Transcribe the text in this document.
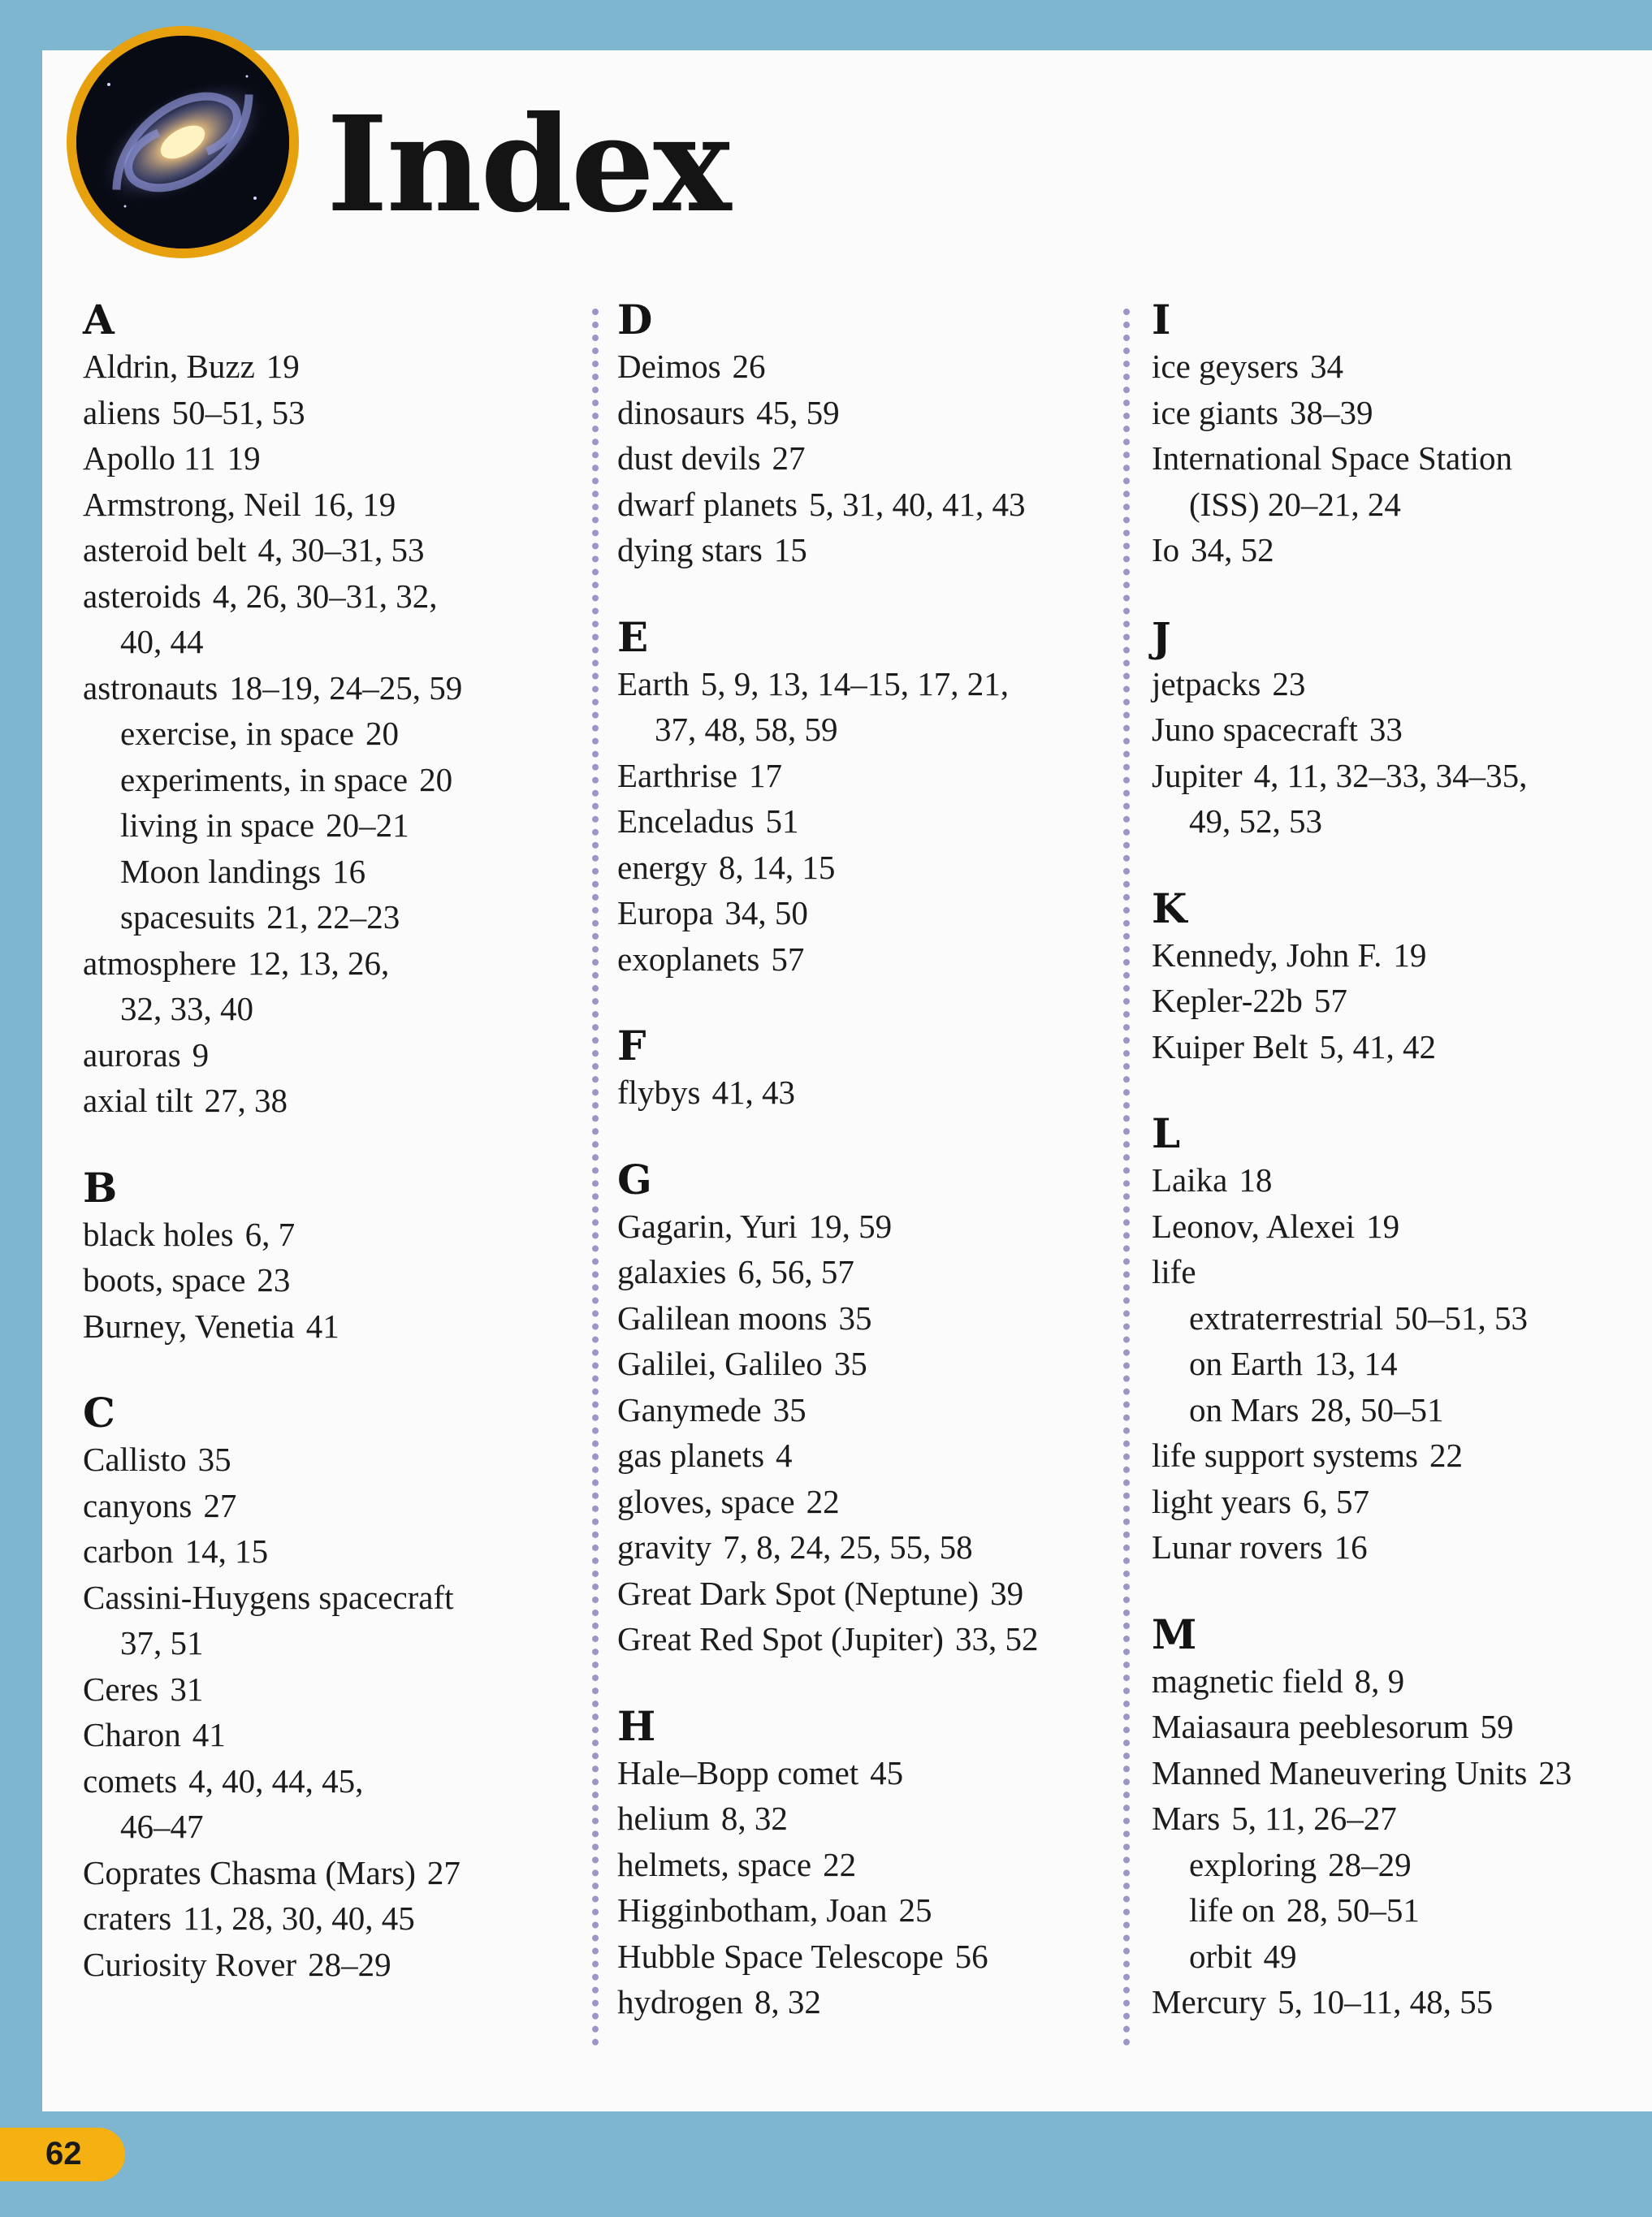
Index
A
Aldrin, Buzz 19
aliens 50–51, 53
Apollo 11 19
Armstrong, Neil 16, 19
asteroid belt 4, 30–31, 53
asteroids 4, 26, 30–31, 32,
40, 44
astronauts 18–19, 24–25, 59
exercise, in space 20
experiments, in space 20
living in space 20–21
Moon landings 16
spacesuits 21, 22–23
atmosphere 12, 13, 26,
32, 33, 40
auroras 9
axial tilt 27, 38
B
black holes 6, 7
boots, space 23
Burney, Venetia 41
C
Callisto 35
canyons 27
carbon 14, 15
Cassini-Huygens spacecraft
37, 51
Ceres 31
Charon 41
comets 4, 40, 44, 45,
46–47
Coprates Chasma (Mars) 27
craters 11, 28, 30, 40, 45
Curiosity Rover 28–29
D
Deimos 26
dinosaurs 45, 59
dust devils 27
dwarf planets 5, 31, 40, 41, 43
dying stars 15
E
Earth 5, 9, 13, 14–15, 17, 21,
37, 48, 58, 59
Earthrise 17
Enceladus 51
energy 8, 14, 15
Europa 34, 50
exoplanets 57
F
flybys 41, 43
G
Gagarin, Yuri 19, 59
galaxies 6, 56, 57
Galilean moons 35
Galilei, Galileo 35
Ganymede 35
gas planets 4
gloves, space 22
gravity 7, 8, 24, 25, 55, 58
Great Dark Spot (Neptune) 39
Great Red Spot (Jupiter) 33, 52
H
Hale–Bopp comet 45
helium 8, 32
helmets, space 22
Higginbotham, Joan 25
Hubble Space Telescope 56
hydrogen 8, 32
I
ice geysers 34
ice giants 38–39
International Space Station
(ISS) 20–21, 24
Io 34, 52
J
jetpacks 23
Juno spacecraft 33
Jupiter 4, 11, 32–33, 34–35,
49, 52, 53
K
Kennedy, John F. 19
Kepler-22b 57
Kuiper Belt 5, 41, 42
L
Laika 18
Leonov, Alexei 19
life
extraterrestrial 50–51, 53
on Earth 13, 14
on Mars 28, 50–51
life support systems 22
light years 6, 57
Lunar rovers 16
M
magnetic field 8, 9
Maiasaura peeblesorum 59
Manned Maneuvering Units 23
Mars 5, 11, 26–27
exploring 28–29
life on 28, 50–51
orbit 49
Mercury 5, 10–11, 48, 55
62
